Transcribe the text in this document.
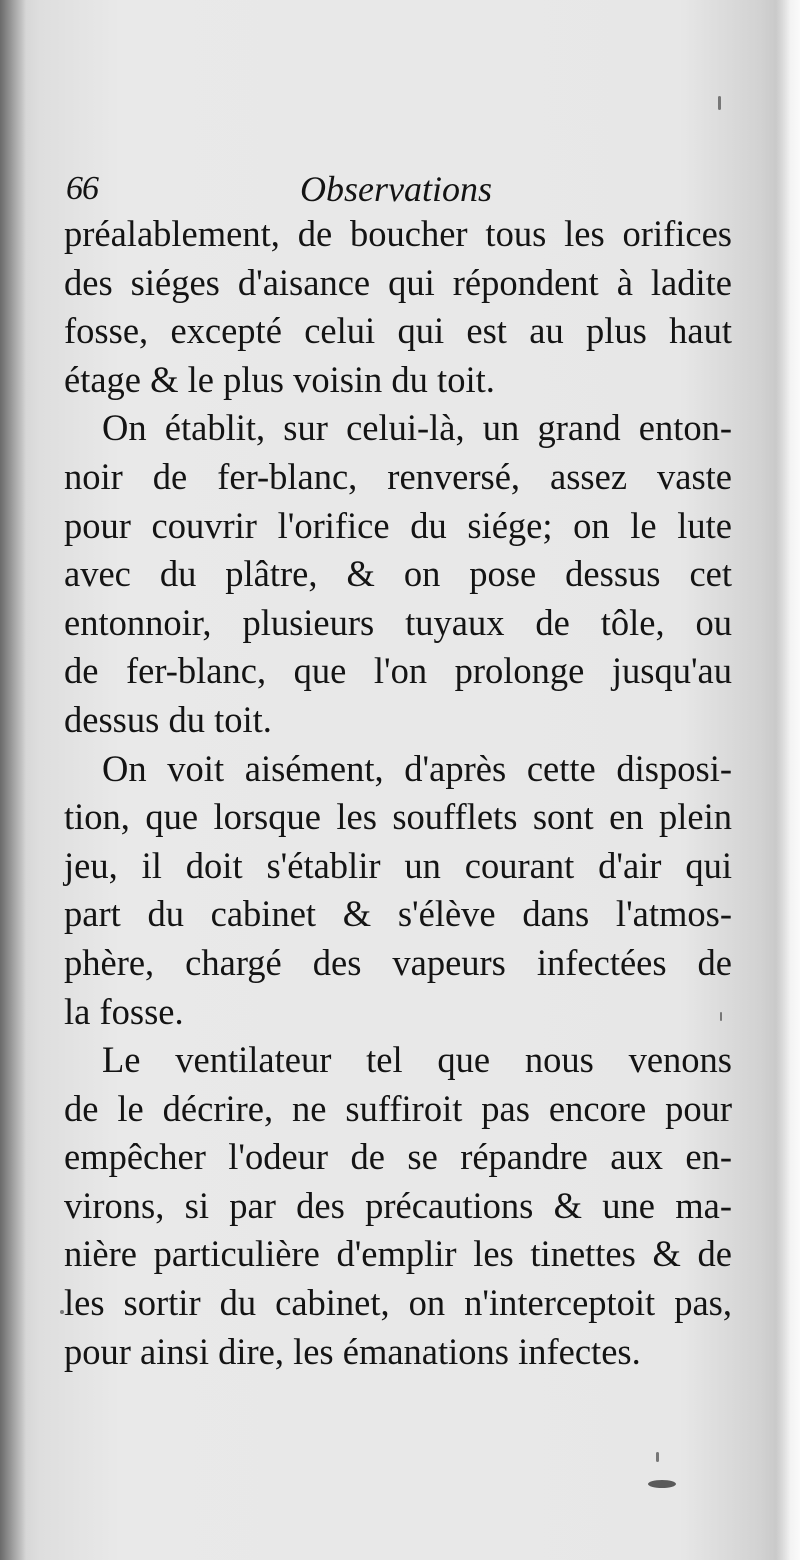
66	Observations

préalablement, de boucher tous les orifices
des siéges d'aisance qui répondent à ladite
fosse, excepté celui qui est au plus haut
étage & le plus voisin du toit.

On établit, sur celui-là, un grand enton-
noir de fer-blanc, renversé, assez vaste
pour couvrir l'orifice du siége; on le lute
avec du plâtre, & on pose dessus cet
entonnoir, plusieurs tuyaux de tôle, ou
de fer-blanc, que l'on prolonge jusqu'au
dessus du toit.

On voit aisément, d'après cette disposi-
tion, que lorsque les soufflets sont en plein
jeu, il doit s'établir un courant d'air qui
part du cabinet & s'élève dans l'atmos-
phère, chargé des vapeurs infectées de
la fosse.

Le ventilateur tel que nous venons
de le décrire, ne suffiroit pas encore pour
empêcher l'odeur de se répandre aux en-
virons, si par des précautions & une ma-
nière particulière d'emplir les tinettes & de
les sortir du cabinet, on n'interceptoit pas,
pour ainsi dire, les émanations infectes.
